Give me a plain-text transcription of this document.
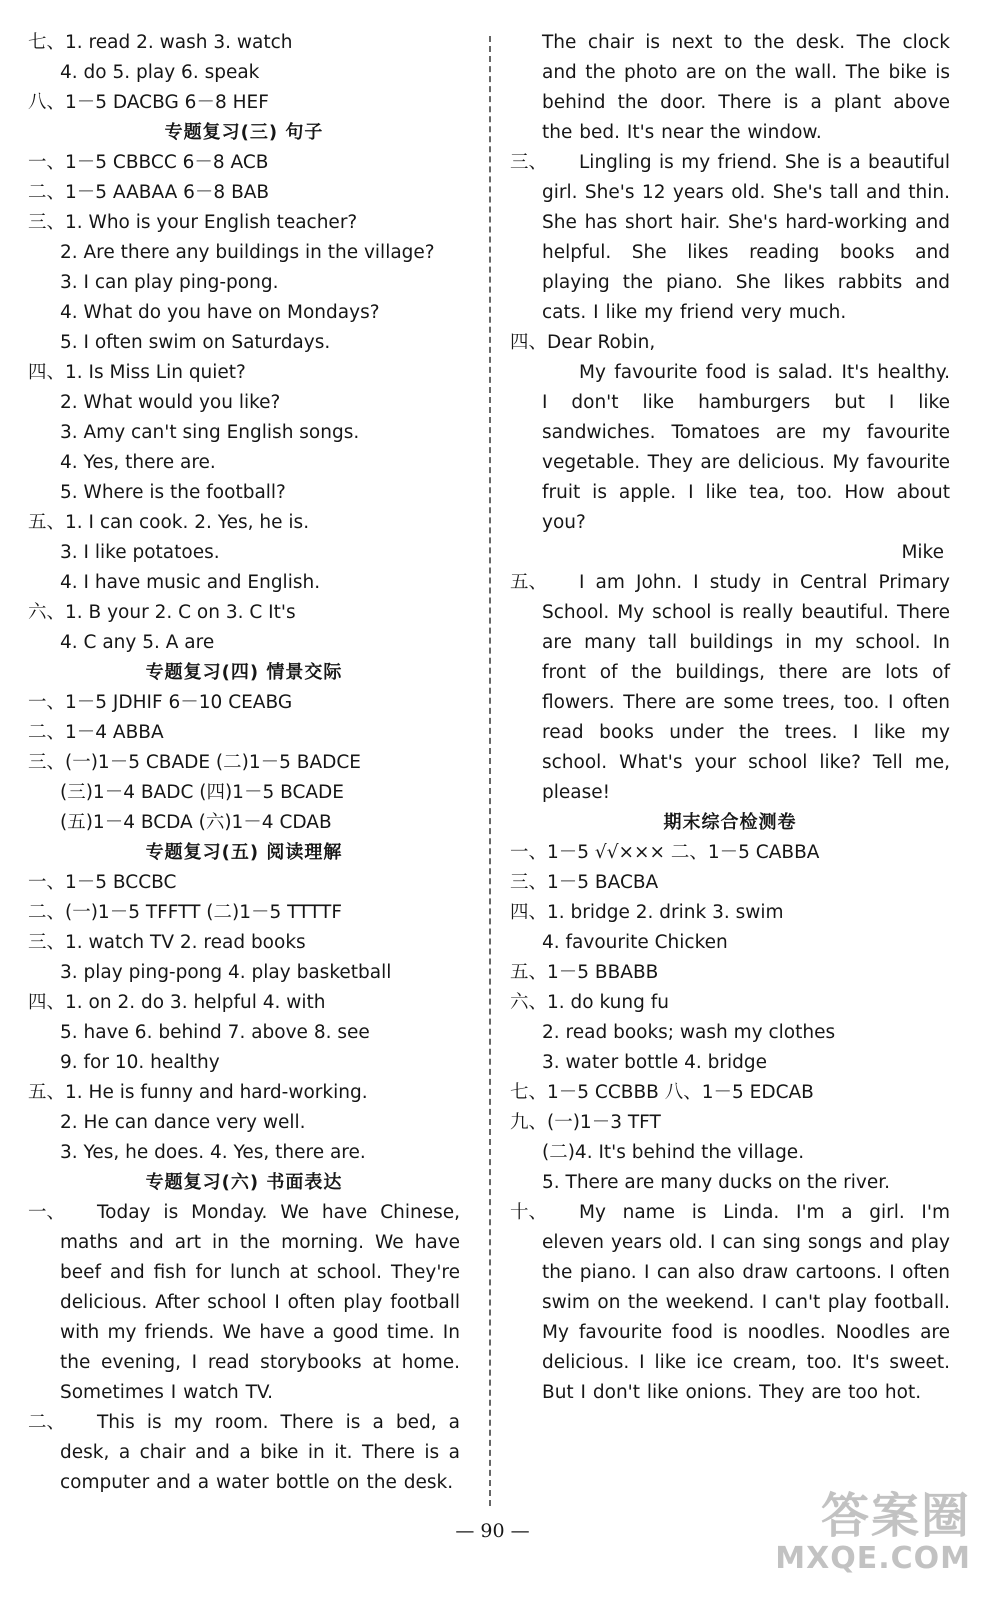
七、1. read 2. wash 3. watch
4. do 5. play 6. speak
八、1－5 DACBG 6－8 HEF
专题复习(三) 句子
一、1－5 CBBCC 6－8 ACB
二、1－5 AABAA 6－8 BAB
三、1. Who is your English teacher?
2. Are there any buildings in the village?
3. I can play ping-pong.
4. What do you have on Mondays?
5. I often swim on Saturdays.
四、1. Is Miss Lin quiet?
2. What would you like?
3. Amy can't sing English songs.
4. Yes, there are.
5. Where is the football?
五、1. I can cook. 2. Yes, he is.
3. I like potatoes.
4. I have music and English.
六、1. B your 2. C on 3. C It's
4. C any 5. A are
专题复习(四) 情景交际
一、1－5 JDHIF 6－10 CEABG
二、1－4 ABBA
三、(一)1－5 CBADE (二)1－5 BADCE
(三)1－4 BADC (四)1－5 BCADE
(五)1－4 BCDA (六)1－4 CDAB
专题复习(五) 阅读理解
一、1－5 BCCBC
二、(一)1－5 TFFTT (二)1－5 TTTTF
三、1. watch TV 2. read books
3. play ping-pong 4. play basketball
四、1. on 2. do 3. helpful 4. with
5. have 6. behind 7. above 8. see
9. for 10. healthy
五、1. He is funny and hard-working.
2. He can dance very well.
3. Yes, he does. 4. Yes, there are.
专题复习(六) 书面表达
一、	Today is Monday. We have Chinese, maths and art in the morning. We have beef and fish for lunch at school. They're delicious. After school I often play football with my friends. We have a good time. In the evening, I read storybooks at home. Sometimes I watch TV.
二、	This is my room. There is a bed, a desk, a chair and a bike in it. There is a computer and a water bottle on the desk.
The chair is next to the desk. The clock and the photo are on the wall. The bike is behind the door. There is a plant above the bed. It's near the window.
三、	Lingling is my friend. She is a beautiful girl. She's 12 years old. She's tall and thin. She has short hair. She's hard-working and helpful. She likes reading books and playing the piano. She likes rabbits and cats. I like my friend very much.
四、Dear Robin,
My favourite food is salad. It's healthy. I don't like hamburgers but I like sandwiches. Tomatoes are my favourite vegetable. They are delicious. My favourite fruit is apple. I like tea, too. How about you?
Mike
五、	I am John. I study in Central Primary School. My school is really beautiful. There are many tall buildings in my school. In front of the buildings, there are lots of flowers. There are some trees, too. I often read books under the trees. I like my school. What's your school like? Tell me, please!
期末综合检测卷
一、1－5 √√××× 二、1－5 CABBA
三、1－5 BACBA
四、1. bridge 2. drink 3. swim
4. favourite Chicken
五、1－5 BBABB
六、1. do kung fu
2. read books; wash my clothes
3. water bottle 4. bridge
七、1－5 CCBBB 八、1－5 EDCAB
九、(一)1－3 TFT
(二)4. It's behind the village.
5. There are many ducks on the river.
十、	My name is Linda. I'm a girl. I'm eleven years old. I can sing songs and play the piano. I can also draw cartoons. I often swim on the weekend. I can't play football. My favourite food is noodles. Noodles are delicious. I like ice cream, too. It's sweet. But I don't like onions. They are too hot.
— 90 —	答案圈
MXQE.COM
